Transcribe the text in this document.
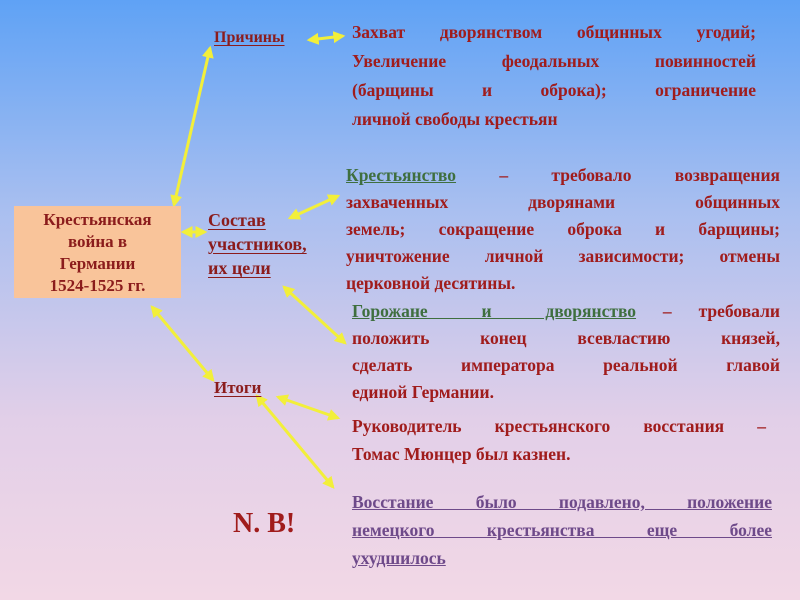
Крестьянская
война в
Германии
1524-1525 гг.
Причины
Состав
участников,
их цели
Итоги
Захват дворянством общинных угодий;
Увеличение феодальных повинностей
(барщины и оброка); ограничение
личной свободы крестьян
Крестьянство – требовало возвращения
захваченных дворянами общинных
земель; сокращение оброка и барщины;
уничтожение личной зависимости; отмены
церковной десятины.
Горожане  и  дворянство – требовали
положить конец всевластию князей,
сделать императора реальной главой
единой Германии.
Руководитель крестьянского восстания –
Томас Мюнцер был казнен.
N. B!
Восстание было подавлено, положение
немецкого крестьянства еще более
ухудшилось
